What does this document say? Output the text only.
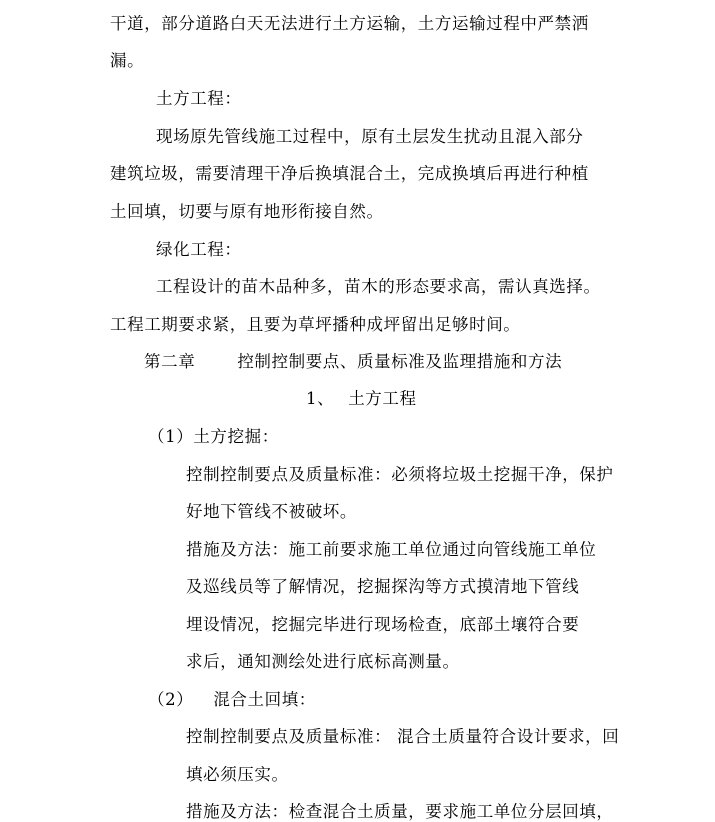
干道，部分道路白天无法进行土方运输，土方运输过程中严禁洒
漏。
土方工程：
现场原先管线施工过程中，原有土层发生扰动且混入部分
建筑垃圾，需要清理干净后换填混合土，完成换填后再进行种植
土回填，切要与原有地形衔接自然。
绿化工程：
工程设计的苗木品种多，苗木的形态要求高，需认真选择。
工程工期要求紧，且要为草坪播种成坪留出足够时间。
第二章	控制控制要点、质量标准及监理措施和方法
1、 土方工程
（1）土方挖掘：
控制控制要点及质量标准：必须将垃圾土挖掘干净，保护
好地下管线不被破坏。
措施及方法：施工前要求施工单位通过向管线施工单位
及巡线员等了解情况，挖掘探沟等方式摸清地下管线
埋设情况，挖掘完毕进行现场检查，底部土壤符合要
求后，通知测绘处进行底标高测量。
（2） 混合土回填：
控制控制要点及质量标准： 混合土质量符合设计要求，回
填必须压实。
措施及方法：检查混合土质量，要求施工单位分层回填，
